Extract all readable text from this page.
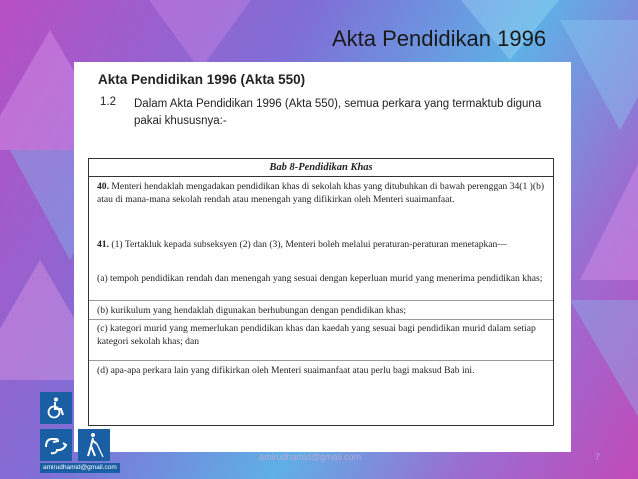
Akta Pendidikan 1996
Akta Pendidikan 1996 (Akta 550)
1.2 Dalam Akta Pendidikan 1996 (Akta 550), semua perkara yang termaktub diguna pakai khususnya:-
Bab 8-Pendidikan Khas
40. Menteri hendaklah mengadakan pendidikan khas di sekolah khas yang ditubuhkan di bawah perenggan 34(1 )(b) atau di mana-mana sekolah rendah atau menengah yang difikirkan oleh Menteri suaimanfaat.
41. (1) Tertakluk kepada subseksyen (2) dan (3), Menteri boleh melalui peraturan-peraturan menetapkan—
(a) tempoh pendidikan rendah dan menengah yang sesuai dengan keperluan murid yang menerima pendidikan khas;
(b) kurikulum yang hendaklah digunakan berhubungan dengan pendidikan khas;
(c) kategori murid yang memerlukan pendidikan khas dan kaedah yang sesuai bagi pendidikan murid dalam setiap kategori sekolah khas; dan
(d) apa-apa perkara lain yang difikirkan oleh Menteri suaimanfaat atau perlu bagi maksud Bab ini.
amirudhamid@gmail.com
amirudhamid@gmail.com	7
